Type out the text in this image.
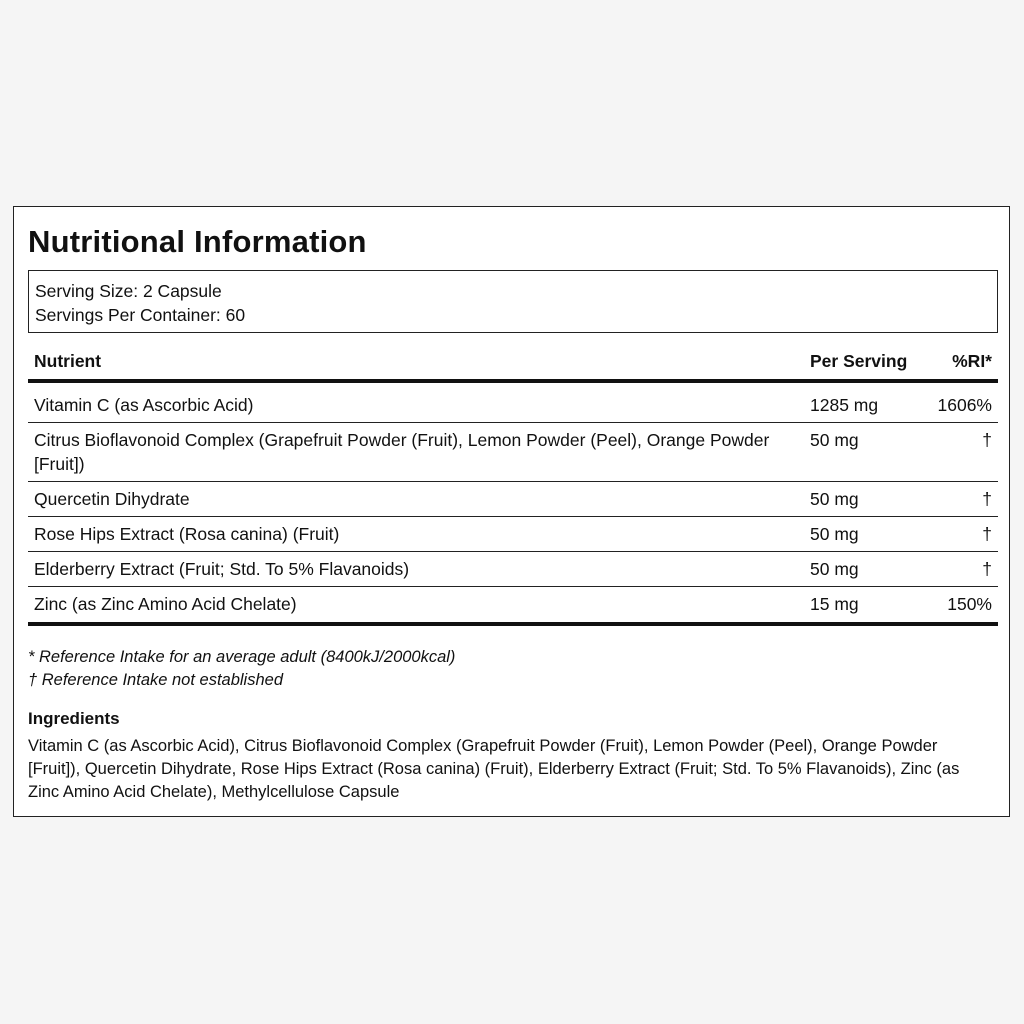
Nutritional Information
Serving Size: 2 Capsule
Servings Per Container: 60
Nutrient	Per Serving	%RI*
Vitamin C (as Ascorbic Acid)	1285 mg	1606%
Citrus Bioflavonoid Complex (Grapefruit Powder (Fruit), Lemon Powder (Peel), Orange Powder [Fruit])	50 mg	†
Quercetin Dihydrate	50 mg	†
Rose Hips Extract (Rosa canina) (Fruit)	50 mg	†
Elderberry Extract (Fruit; Std. To 5% Flavanoids)	50 mg	†
Zinc (as Zinc Amino Acid Chelate)	15 mg	150%
* Reference Intake for an average adult (8400kJ/2000kcal)
† Reference Intake not established
Ingredients
Vitamin C (as Ascorbic Acid), Citrus Bioflavonoid Complex (Grapefruit Powder (Fruit), Lemon Powder (Peel), Orange Powder [Fruit]), Quercetin Dihydrate, Rose Hips Extract (Rosa canina) (Fruit), Elderberry Extract (Fruit; Std. To 5% Flavanoids), Zinc (as Zinc Amino Acid Chelate), Methylcellulose Capsule
